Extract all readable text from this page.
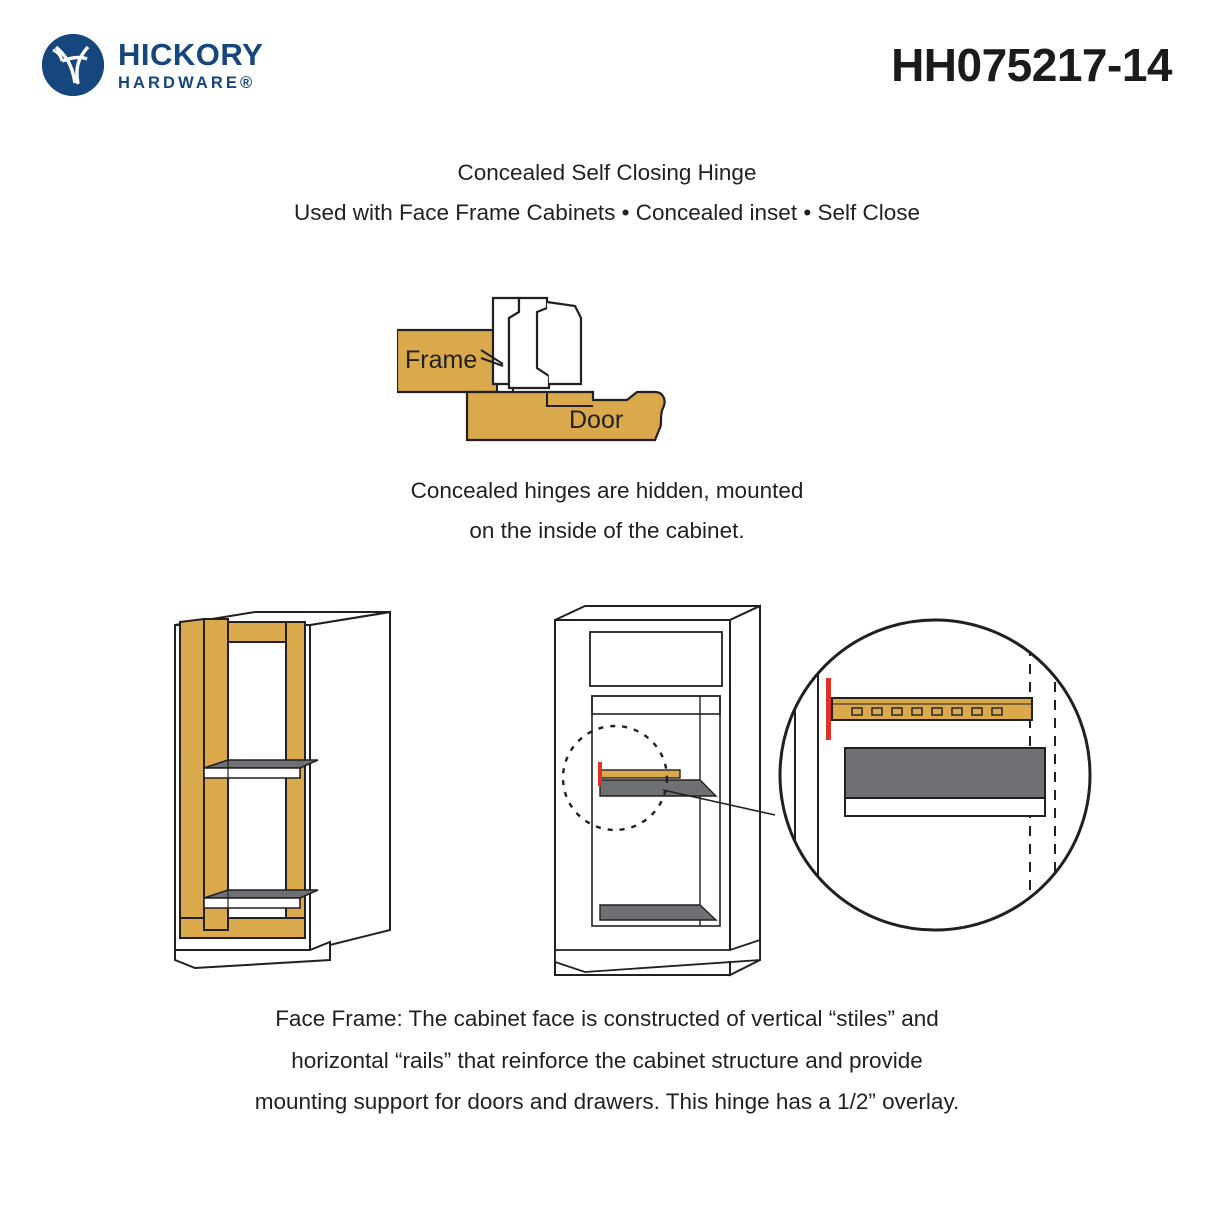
HICKORY
HARDWARE®	HH075217-14
Concealed Self Closing Hinge
Used with Face Frame Cabinets • Concealed inset • Self Close
Frame
Door
Concealed hinges are hidden, mounted
on the inside of the cabinet.
Face Frame: The cabinet face is constructed of vertical “stiles” and
horizontal “rails” that reinforce the cabinet structure and provide
mounting support for doors and drawers. This hinge has a 1/2” overlay.
